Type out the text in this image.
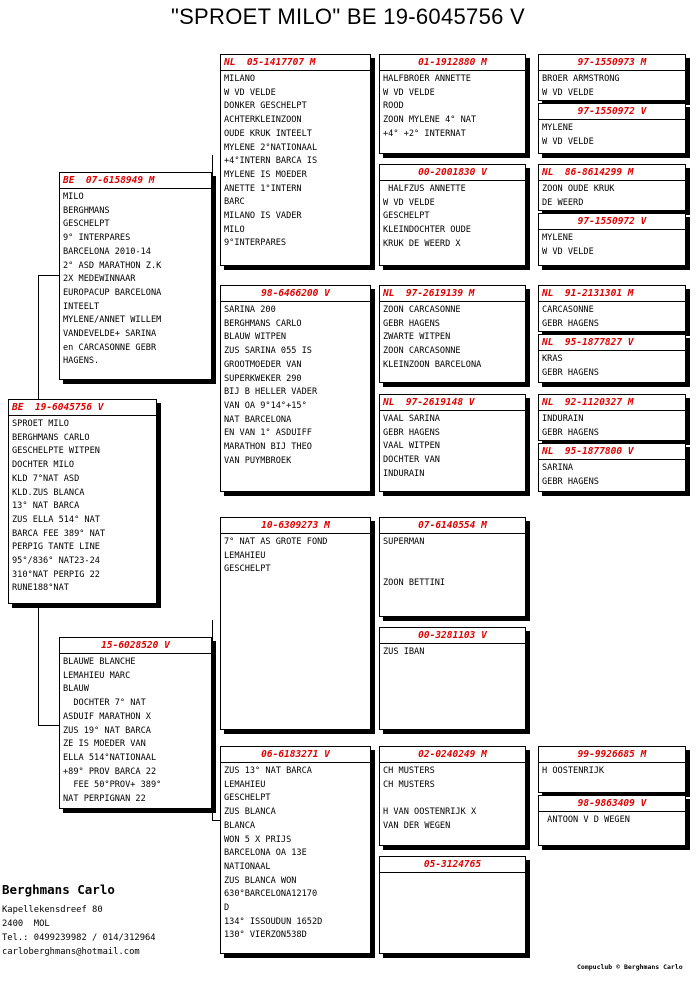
"SPROET MILO" BE 19-6045756 V
BE  19-6045756 V
SPROET MILO
BERGHMANS CARLO
GESCHELPTE WITPEN
DOCHTER MILO
KLD 7°NAT ASD
KLD.ZUS BLANCA
13° NAT BARCA
ZUS ELLA 514° NAT
BARCA FEE 389° NAT
PERPIG TANTE LINE
95°/836° NAT23-24
310°NAT PERPIG 22
RUNE188°NAT
BE  07-6158949 M
MILO
BERGHMANS
GESCHELPT
9° INTERPARES
BARCELONA 2010-14
2° ASD MARATHON Z.K
2X MEDEWINNAAR
EUROPACUP BARCELONA
INTEELT
MYLENE/ANNET WILLEM
VANDEVELDE+ SARINA
en CARCASONNE GEBR
HAGENS.
15-6028520 V
BLAUWE BLANCHE
LEMAHIEU MARC
BLAUW
DOCHTER 7° NAT
ASDUIF MARATHON X
ZUS 19° NAT BARCA
ZE IS MOEDER VAN
ELLA 514°NATIONAAL
+89° PROV BARCA 22
FEE 50°PROV+ 389°
NAT PERPIGNAN 22
NL  05-1417707 M
MILANO
W VD VELDE
DONKER GESCHELPT
ACHTERKLEINZOON
OUDE KRUK INTEELT
MYLENE 2°NATIONAAL
+4°INTERN BARCA IS
MYLENE IS MOEDER
ANETTE 1°INTERN
BARC
MILANO IS VADER
MILO
9°INTERPARES
98-6466200 V
SARINA 200
BERGHMANS CARLO
BLAUW WITPEN
ZUS SARINA 055 IS
GROOTMOEDER VAN
SUPERKWEKER 290
BIJ B HELLER VADER
VAN OA 9°14°+15°
NAT BARCELONA
EN VAN 1° ASDUIFF
MARATHON BIJ THEO
VAN PUYMBROEK
10-6309273 M
7° NAT AS GROTE FOND
LEMAHIEU
GESCHELPT
06-6183271 V
ZUS 13° NAT BARCA
LEMAHIEU
GESCHELPT
ZUS BLANCA
BLANCA
WON 5 X PRIJS
BARCELONA OA 13E
NATIONAAL
ZUS BLANCA WON
630°BARCELONA12170
D
134° ISSOUDUN 1652D
130° VIERZON538D
01-1912880 M
HALFBROER ANNETTE
W VD VELDE
ROOD
ZOON MYLENE 4° NAT
+4° +2° INTERNAT
00-2001830 V
HALFZUS ANNETTE
W VD VELDE
GESCHELPT
KLEINDOCHTER OUDE
KRUK DE WEERD X
NL  97-2619139 M
ZOON CARCASONNE
GEBR HAGENS
ZWARTE WITPEN
ZOON CARCASONNE
KLEINZOON BARCELONA
NL  97-2619148 V
VAAL SARINA
GEBR HAGENS
VAAL WITPEN
DOCHTER VAN
INDURAIN
07-6140554 M
SUPERMAN
ZOON BETTINI
00-3281103 V
ZUS IBAN
02-0240249 M
CH MUSTERS
CH MUSTERS
H VAN OOSTENRIJK X
VAN DER WEGEN
05-3124765
97-1550973 M
BROER ARMSTRONG
W VD VELDE
97-1550972 V
MYLENE
W VD VELDE
NL  86-8614299 M
ZOON OUDE KRUK
DE WEERD
97-1550972 V
MYLENE
W VD VELDE
NL  91-2131301 M
CARCASONNE
GEBR HAGENS
NL  95-1877827 V
KRAS
GEBR HAGENS
NL  92-1120327 M
INDURAIN
GEBR HAGENS
NL  95-1877800 V
SARINA
GEBR HAGENS
99-9926685 M
H OOSTENRIJK
98-9863409 V
ANTOON V D WEGEN
Berghmans Carlo
Kapellekensdreef 80
2400  MOL
Tel.: 0499239982 / 014/312964
carloberghmans@hotmail.com
Compuclub © Berghmans Carlo
